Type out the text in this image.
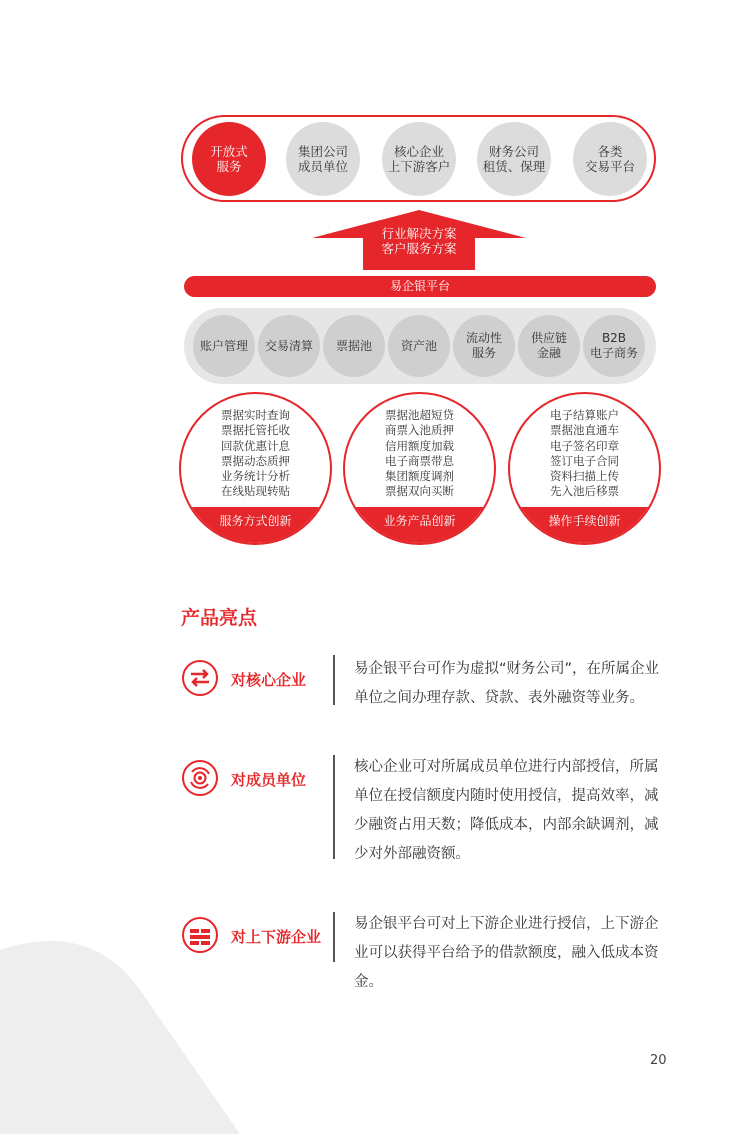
开放式
服务
集团公司
成员单位
核心企业
上下游客户
财务公司
租赁、保理
各类
交易平台
行业解决方案
客户服务方案
易企银平台
账户管理 交易清算 票据池 资产池
流动性
服务
供应链
金融
B2B
电子商务
票据实时查询
票据托管托收
回款优惠计息
票据动态质押
业务统计分析
在线贴现转贴
服务方式创新
票据池超短贷
商票入池质押
信用额度加载
电子商票带息
集团额度调剂
票据双向买断
业务产品创新
电子结算账户
票据池直通车
电子签名印章
签订电子合同
资料扫描上传
先入池后移票
操作手续创新
产品亮点
对核心企业
易企银平台可作为虚拟“财务公司”，在所属企业单位之间办理存款、贷款、表外融资等业务。
对成员单位
核心企业可对所属成员单位进行内部授信，所属单位在授信额度内随时使用授信，提高效率，减少融资占用天数；降低成本，内部余缺调剂，减少对外部融资额。
对上下游企业
易企银平台可对上下游企业进行授信，上下游企业可以获得平台给予的借款额度，融入低成本资金。
20
